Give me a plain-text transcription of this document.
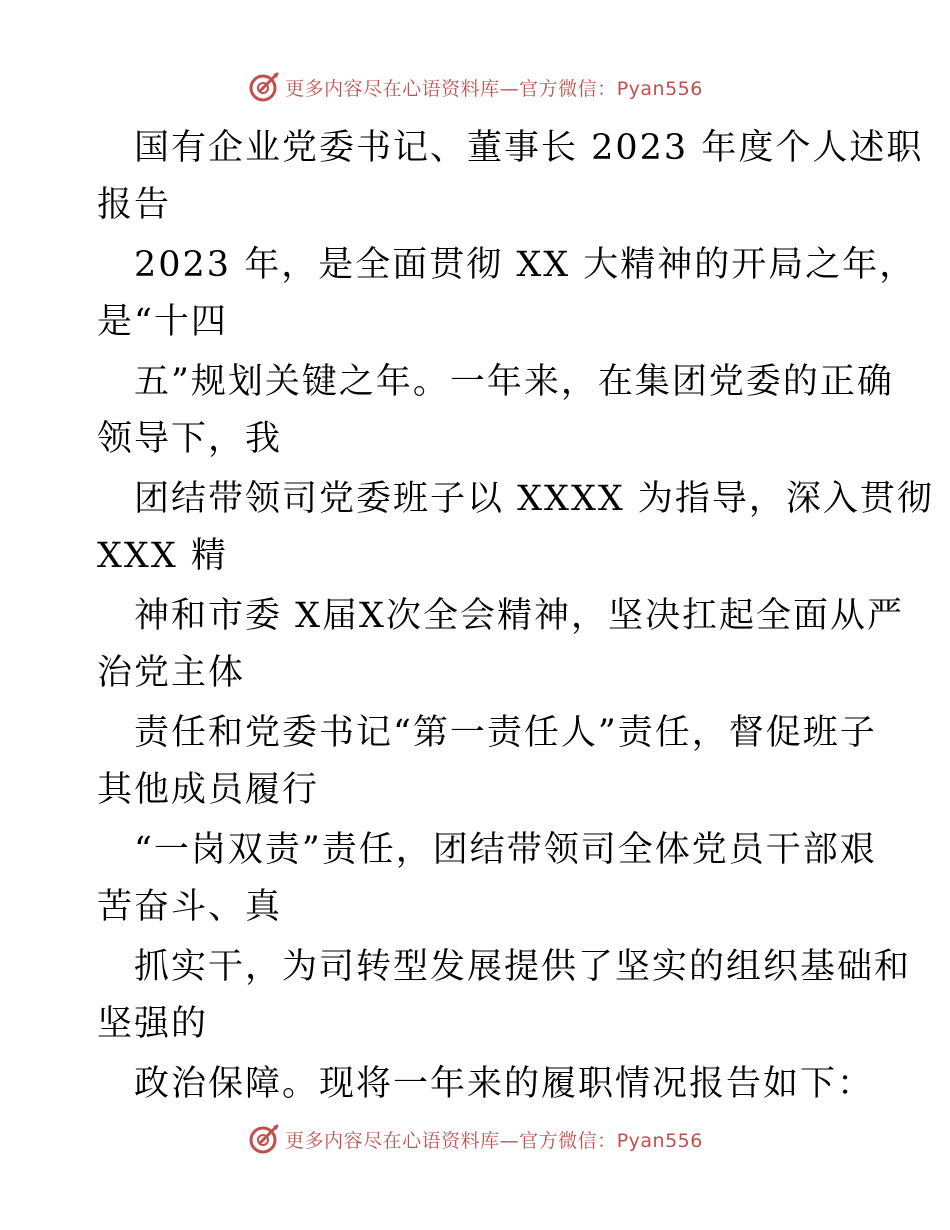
更多内容尽在心语资料库—官方微信：Pyan556
国有企业党委书记、董事长 2023 年度个人述职
报告
2023 年，是全面贯彻 XX 大精神的开局之年，
是“十四
五”规划关键之年。一年来，在集团党委的正确
领导下，我
团结带领司党委班子以 XXXX 为指导，深入贯彻
XXX 精
神和市委 X届X次全会精神，坚决扛起全面从严
治党主体
责任和党委书记“第一责任人”责任，督促班子
其他成员履行
“一岗双责”责任，团结带领司全体党员干部艰
苦奋斗、真
抓实干，为司转型发展提供了坚实的组织基础和
坚强的
政治保障。现将一年来的履职情况报告如下：
更多内容尽在心语资料库—官方微信：Pyan556
